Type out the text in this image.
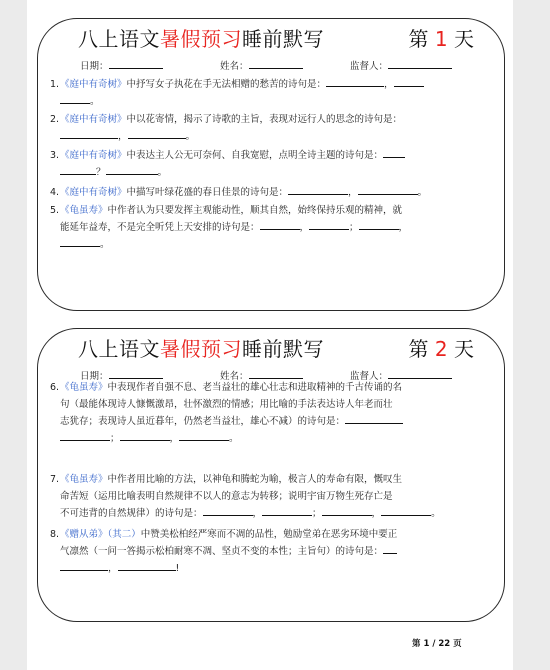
八上语文暑假预习睡前默写	第 1 天
日期：	姓名：	监督人：
1.《庭中有奇树》中抒写女子执花在手无法相赠的愁苦的诗句是：	，
。
2.《庭中有奇树》中以花寄情，揭示了诗歌的主旨，表现对远行人的思念的诗句是：
，	。
3.《庭中有奇树》中表达主人公无可奈何、自我宽慰，点明全诗主题的诗句是：
？	。
4.《庭中有奇树》中描写叶绿花盛的春日佳景的诗句是：	，	。
5.《龟虽寿》中作者认为只要发挥主观能动性，顺其自然，始终保持乐观的精神，就
能延年益寿，不是完全听凭上天安排的诗句是：	，	；	，
。
八上语文暑假预习睡前默写	第 2 天
日期：	姓名：	监督人：
6.《龟虽寿》中表现作者自强不息、老当益壮的雄心壮志和进取精神的千古传诵的名
句（最能体现诗人慷慨激昂，壮怀激烈的情感；用比喻的手法表达诗人年老而壮
志犹存；表现诗人虽近暮年，仍然老当益壮，雄心不减）的诗句是：
；	，	。
7.《龟虽寿》中作者用比喻的方法，以神龟和腾蛇为喻，极言人的寿命有限，慨叹生
命苦短（运用比喻表明自然规律不以人的意志为转移；说明宇宙万物生死存亡是
不可违背的自然规律）的诗句是：	，	；	，	。
8.《赠从弟》（其二）中赞美松柏经严寒而不凋的品性，勉励堂弟在恶劣环境中要正
气凛然（一问一答揭示松柏耐寒不凋、坚贞不变的本性；主旨句）的诗句是：
，	!
第 1 / 22 页
